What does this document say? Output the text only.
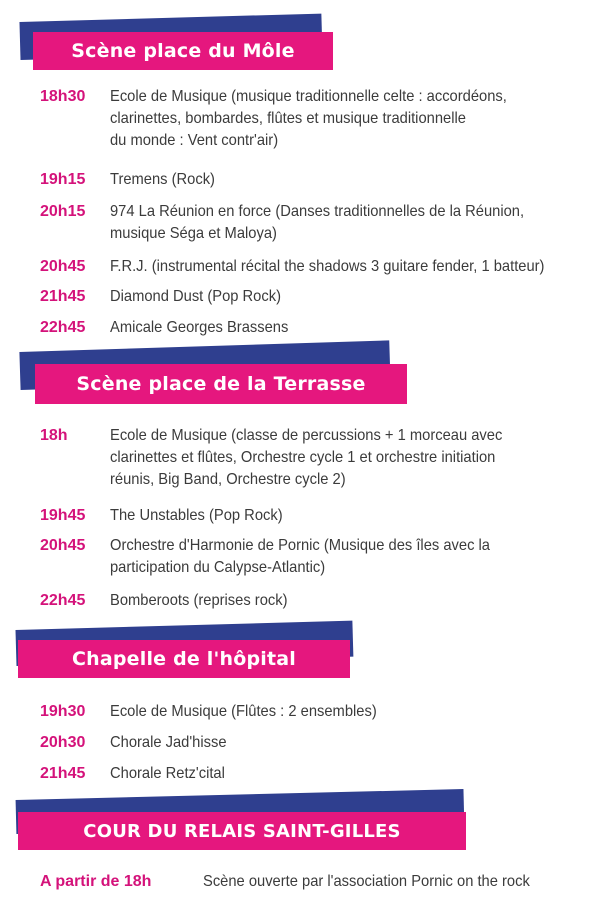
Scène place du Môle
18h30 Ecole de Musique (musique traditionnelle celte : accordéons,
clarinettes, bombardes, flûtes et musique traditionnelle
du monde : Vent contr'air)
19h15 Tremens (Rock)
20h15 974 La Réunion en force (Danses traditionnelles de la Réunion,
musique Séga et Maloya)
20h45 F.R.J. (instrumental récital the shadows 3 guitare fender, 1 batteur)
21h45 Diamond Dust (Pop Rock)
22h45 Amicale Georges Brassens
Scène place de la Terrasse
18h	Ecole de Musique (classe de percussions + 1 morceau avec
clarinettes et flûtes, Orchestre cycle 1 et orchestre initiation
réunis, Big Band, Orchestre cycle 2)
19h45 The Unstables (Pop Rock)
20h45 Orchestre d'Harmonie de Pornic (Musique des îles avec la
participation du Calypse-Atlantic)
22h45 Bomberoots (reprises rock)
Chapelle de l'hôpital
19h30 Ecole de Musique (Flûtes : 2 ensembles)
20h30 Chorale Jad'hisse
21h45 Chorale Retz'cital
COUR DU RELAIS SAINT-GILLES
A partir de 18h	Scène ouverte par l'association Pornic on the rock
